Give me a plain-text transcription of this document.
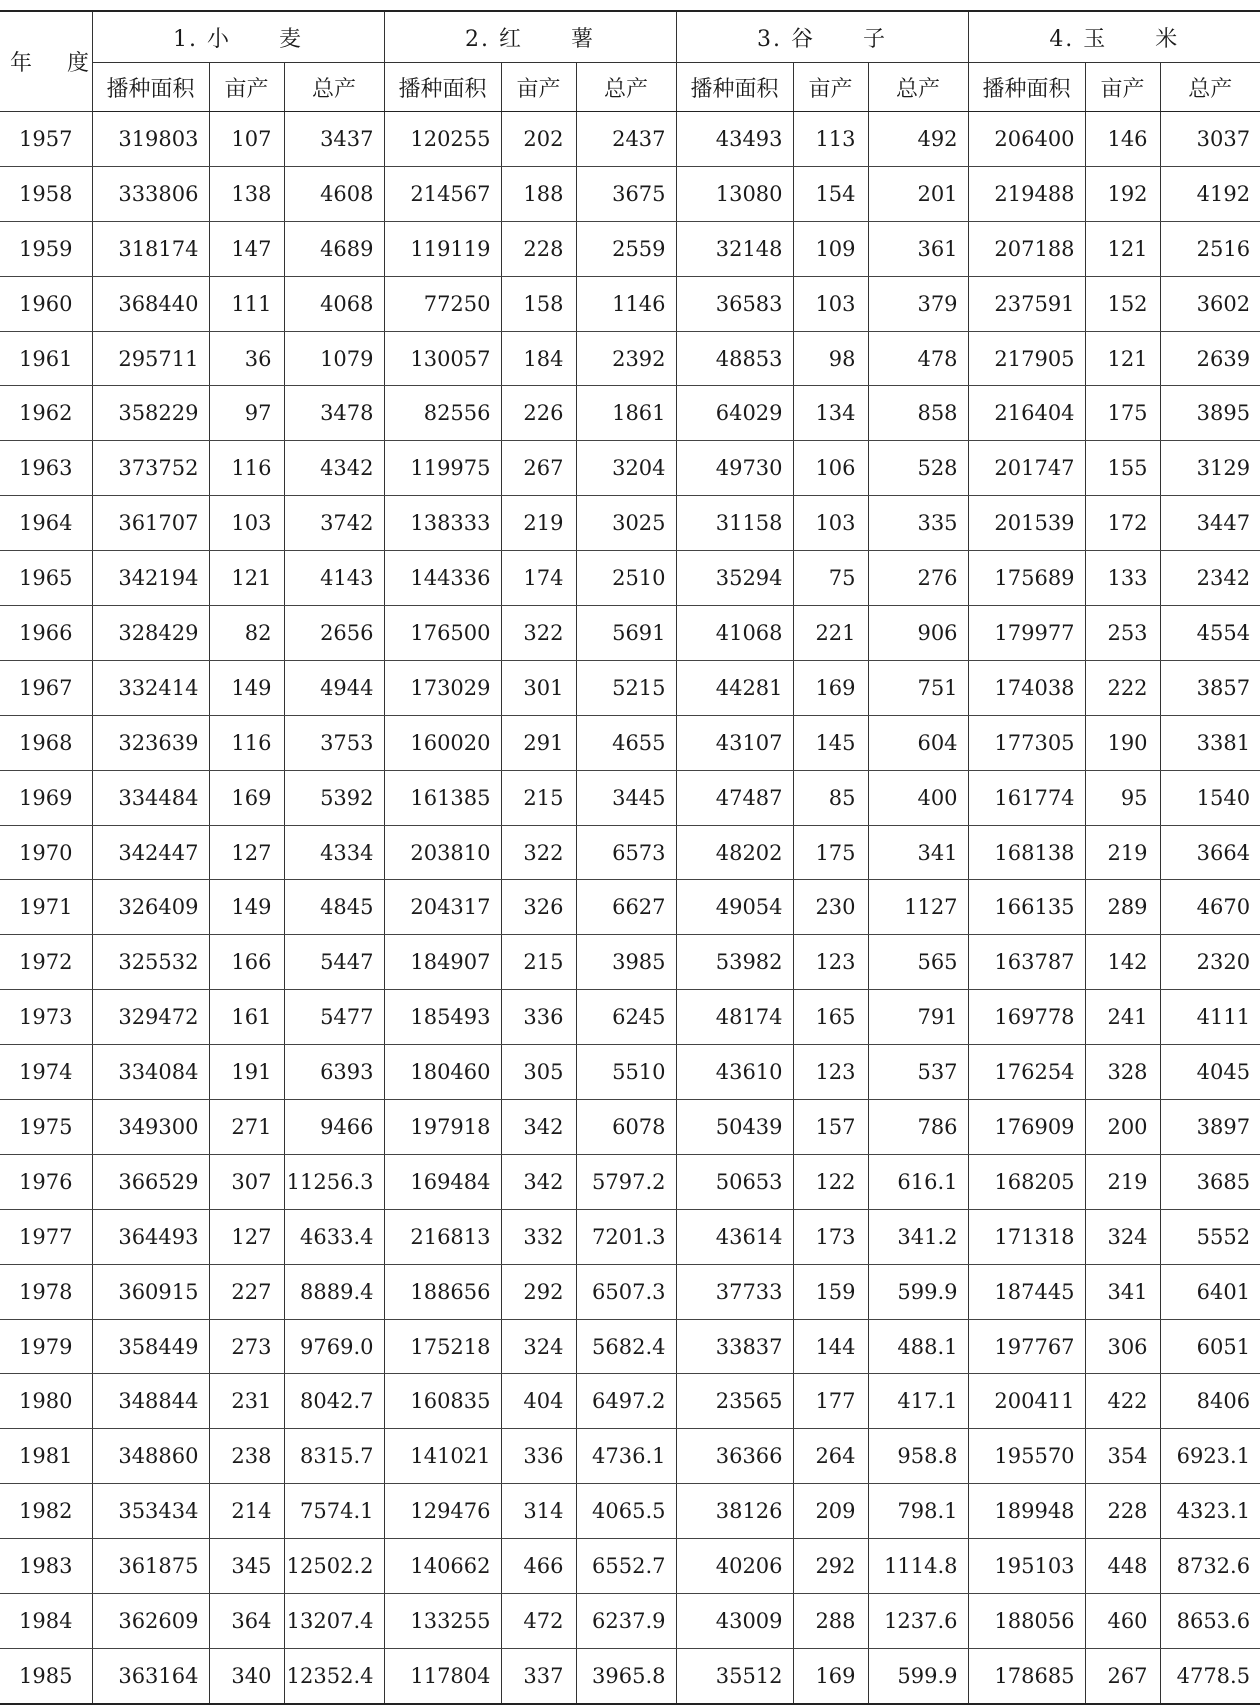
年 度	1. 小　　麦			2. 红　　薯			3. 谷　　子			4. 玉　　米		
	播种面积	亩产	总产	播种面积	亩产	总产	播种面积	亩产	总产	播种面积	亩产	总产
1957	319803	107	3437	120255	202	2437	43493	113	492	206400	146	3037
1958	333806	138	4608	214567	188	3675	13080	154	201	219488	192	4192
1959	318174	147	4689	119119	228	2559	32148	109	361	207188	121	2516
1960	368440	111	4068	77250	158	1146	36583	103	379	237591	152	3602
1961	295711	36	1079	130057	184	2392	48853	98	478	217905	121	2639
1962	358229	97	3478	82556	226	1861	64029	134	858	216404	175	3895
1963	373752	116	4342	119975	267	3204	49730	106	528	201747	155	3129
1964	361707	103	3742	138333	219	3025	31158	103	335	201539	172	3447
1965	342194	121	4143	144336	174	2510	35294	75	276	175689	133	2342
1966	328429	82	2656	176500	322	5691	41068	221	906	179977	253	4554
1967	332414	149	4944	173029	301	5215	44281	169	751	174038	222	3857
1968	323639	116	3753	160020	291	4655	43107	145	604	177305	190	3381
1969	334484	169	5392	161385	215	3445	47487	85	400	161774	95	1540
1970	342447	127	4334	203810	322	6573	48202	175	341	168138	219	3664
1971	326409	149	4845	204317	326	6627	49054	230	1127	166135	289	4670
1972	325532	166	5447	184907	215	3985	53982	123	565	163787	142	2320
1973	329472	161	5477	185493	336	6245	48174	165	791	169778	241	4111
1974	334084	191	6393	180460	305	5510	43610	123	537	176254	328	4045
1975	349300	271	9466	197918	342	6078	50439	157	786	176909	200	3897
1976	366529	307	11256.3	169484	342	5797.2	50653	122	616.1	168205	219	3685
1977	364493	127	4633.4	216813	332	7201.3	43614	173	341.2	171318	324	5552
1978	360915	227	8889.4	188656	292	6507.3	37733	159	599.9	187445	341	6401
1979	358449	273	9769.0	175218	324	5682.4	33837	144	488.1	197767	306	6051
1980	348844	231	8042.7	160835	404	6497.2	23565	177	417.1	200411	422	8406
1981	348860	238	8315.7	141021	336	4736.1	36366	264	958.8	195570	354	6923.1
1982	353434	214	7574.1	129476	314	4065.5	38126	209	798.1	189948	228	4323.1
1983	361875	345	12502.2	140662	466	6552.7	40206	292	1114.8	195103	448	8732.6
1984	362609	364	13207.4	133255	472	6237.9	43009	288	1237.6	188056	460	8653.6
1985	363164	340	12352.4	117804	337	3965.8	35512	169	599.9	178685	267	4778.5
